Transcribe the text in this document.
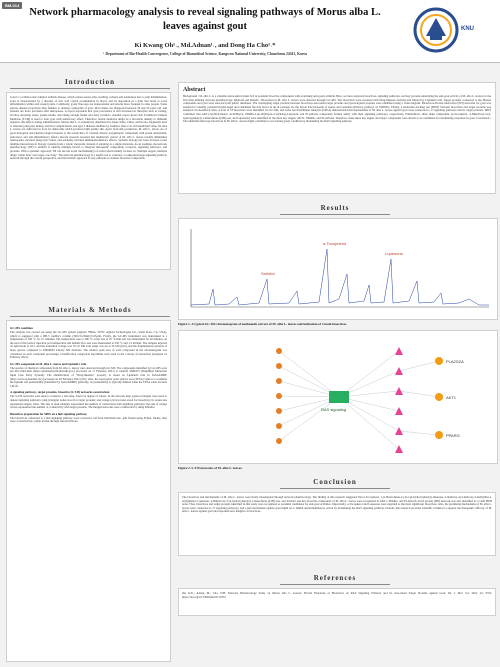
BM-014
Network pharmacology analysis to reveal signaling pathways of Morus alba L. leaves against gout
Ki Kwang Oh¹˒, Md.Adnan¹˒, and Dong Ha Cho¹˒*
¹˒Department of Bio-Health Convergence, College of Biomedical Science, Kangwon National University, Chuncheon 24341, Korea
KNU
Introduction

Gout is a common and complex arthritis disease, which causes severe pain, swelling, redness and tenderness due to joint inflammation. Gout is characterized by a disorder of uric acid crystal accumulation in blood, and its deposition in a joint that leads to acute inflammation within and around joints. Commonly, gouty flare-ups are nonpersistent and attacks more frequent in older people. Some serious disease proportion than females to undergo symptoms of gout. Most males are diagnosed between 30 and 50 years old, and females are more prevalent after menopause. A report expounds that gout prevalence is still increased in lifestyles such as fasting, alcohol, elevating stress, purine intake, and taking enough fennel and dairy products. Another report shows that Traditional Chinese Medicine (TCM) is used to treat gout with satisfactory effect. Therefore, herbal medicine might be a favorable remedy to diminish negative side effects during administration. Morus alba L. is extensively distributed in Japan, India, China, and Korea, frequently used to alleviate joint pain, kidney and liver complications, and type 2 diabetes mellitus by tradition. Due to its rich medicinal value, M. alba L. leaves are cultivated as food for silkworms which produces high quality silk. Apart from silk production, M. alba L. leaves are of great biological and pharmacological interest to the researchers. It contains diverse polyphenolic compounds with potent antioxidant, anticancer, and anti-inflammatory effects. Recent research revealed that methanolic extract of M. alba L. leaves notably diminished neutropenia, elevated phagocytic index, and evidently elevated immunomodulatory effects. Systems biology has been focused on the multiple interactions in biology systems from a whole viewpoint, instead of adopting to a single molecule. As an example, the network pharmacology (NP) is utilized to identify multiple factors to interpret therapeutic compounds, receptors, signaling pathways, and proteins. With a systemic approach, NP can decode novel mechanism(s) of action which mainly focuses on "multiple targets, multiple drugs" rather than "one target, one drug". The network pharmacology is a useful tool to construct a compound-target-signaling pathway network through the overall perspective, and this holistic approach is very efficient to evaluate bioactive compounds.

Materials & Methods
GC-MS condition

The analysis was carried out using the GC-MS system (Agilent 7890A, 5975C Agilent Technologies Inc., Santa Rosa, CA, USA), which is equipped with a DB-5 capillary column (30m×0.25mm×0.25µm). Firstly, the GC-MS instrument was maintained at a temperature of 100 °C for 2.1 minutes. The temperature rose to 300 °C at the rate of 25 °C/min and was maintained for 20 minutes. At the end of this period, injection port temperature and helium flow rate were maintained at 250 °C and 1.5 ml/min. The samples injected on split mode at 10:1, and the ionization voltage was 70 eV. MS scan range was set at 35-550 (m/z), and the fragmentation patterns of mass spectra compared to WR09003 Library MS database. The relative peak area of each compound in the chromatogram was calculated on each compound percentage. Classification categorical algorithms were used as the concept of interaction (analyzed 21 February 2021).

GC-MS compounds in M. alba L. leaves and Lipinski's rule

The species of chemical compounds from M. alba L. leaves were detected through GC-MS. The compounds identified by GC-MS were put into PubChem (https://pubchem.ncbi.nlm.nih.gov/) (accessed on 17 February 2021) to identify SMILES (Simplified Molecular Input Line Entry System). The identification of "Drug-likeness" property is based on Lipinski's rule in SwissADME (http://www.swissadme.ch/) (accessed on 20 February 2021) [65]. Also, the topological polar surface area (TPSA) value is to estimate the lipinski cell permeability (identified by SwissADME) generally, its permeability is typically limited when the TPSA value exceeds 140 Å².

A signaling pathway- target proteins- bioactive (S-T-B) networks construction

The S-T-B networks were used to construct a size map, based on degree of values. In the network map, green rectangles were used to denote signaling pathways; pink (triangle) nodes stood for target proteins; and orange (circle) nodes stood for bioactives; its nodes size represented degree value. The size of pink triangles represented the number of connections with signaling pathways; the size of orange circles represented the number of connectivity with target proteins. The merged networks were constructed by using RStudio.

Bioactives preparation for MDS on a hub signaling pathway

The bioactives connected to a hub signaling pathway were converted .sdf from PubChem into .pdb format using Pymol, finally, they were converted into .pdbqt format through AutodockTools.

Abstract

Background : M. alba L. is a valuable nutraceutical plant rich in potential bioactive components with promising anti-gouty arthritis. Here, we have explored bioactives, signaling pathways, and key proteins underlying the anti-gout activity of M. alba L. leaves for the first time utilizing network pharmacology. Methods and Results : Bioactives in M. alba L. leaves were detected through GC-MS. The bioactives were screened with Drug-likeness analysis and filtered by Lipinski's rule. Target proteins connected to the filtered compounds and gout were selected from public databases. The overlapping target proteins between bioactives-associated target proteins and gout-targeted proteins were identified using a Venn diagram. Bioactives-Protein interaction (PPI) networks for gout was analyzed to identify potential ligand-target and visualized the rich factor in the R package via the Kyoto Encyclopedia of Genes and Genomes (KEGG) pathway on STRING. Finally, a molecular docking test (MDT) between bioactives and target proteins was analyzed via AutoDock Vina. A total of 18 bioactives were identified via GC-MS, and Gene Set Enrichment Analysis (GSEA) demonstrated that mechanisms of M. alba L. leaves against gout were connected to 17 signaling pathways and 61 target proteins. MDT confirmed that AKT1-Sorbitol/Stearic Acid/Phytol, PPARG-Lup-20(29)-en-3-ol(3beta)-Lupenone and PLA2G2A compounds formed stably with their signaling pathways, respectively. Furthermore, three main compounds (α-Tocopherol, 4-Dihydroxy-3-(4-hydroxyphenyl)-1-benzofuran-2(3H)-one, and Lupenone) were identified in the three key targets: AKT1, PPARG, and PLA2G2A. Therefore, these three key targets and major compounds were shown to be candidates for modulating responses in gout. Conclusion : The identified three key bioactives in M. alba L. leaves might contribute to recovering gouty condition by modulating the RAS signaling pathway.

Results
α-Tocopherol
Lupenone
Sorbitol
Figure 1. A typical GC-MS chromatogram of methanolic extract of M. alba L. leaves and indication of 3 main bioactives.
RAS signaling
PLA2G2A
AKT1
PPARG
Figure 2. S-T-B networks of M. alba L. leaves.
Conclusion

The bioactives and mechanisms of M. alba L. leaves were firstly investigated through network pharmacology. The finding of this research suggested that α-Tocopherol, 1-(1-Benzofuran-2-yl)-2-(4-hydroxyphenyl) ethanone, 2-methoxy-4-(3-hydroxy-3-methylbut-1-enyl)phenol, Lupenone, 4-Dihydroxy-3-(4-hydroxyphenyl)-1-benzofuran-2(3H)-one, and Sorbitol and key bioactive compounds of M. alba L. leaves were recognized in AKT1, PPARG, and PLA2G2A. Each protein (PPI) network was also identified as a valid HUB node. Thus, bioactives and target proteins identified in this study were recognized as potential candidates for anti-gout activities. Importantly, α-Tocopherol and Lupenone were regarded as the most significant bioactives. Also, the promising mechanisms of M. alba L. leaves were connected to 17 signaling pathways, and a hub mechanism against gout might be to inhibit anti-inflammatory action by modulating the RAS signaling pathway. Overall, this research provides scientific evidence to support the therapeutic efficacy of M. alba L. leaves against gout and expounds new insights of bioactives.

References

Oh, K.K.; Adnan, M.; Cho, D.H. Network Pharmacology Study on Morus alba L. Leaves: Pivotal Functions of Bioactives on RAS Signaling Pathway and Its Associated Target Proteins against Gout. Int. J. Mol. Sci. 2021, 22, 9372. https://doi.org/10.3390/ijms22179372
